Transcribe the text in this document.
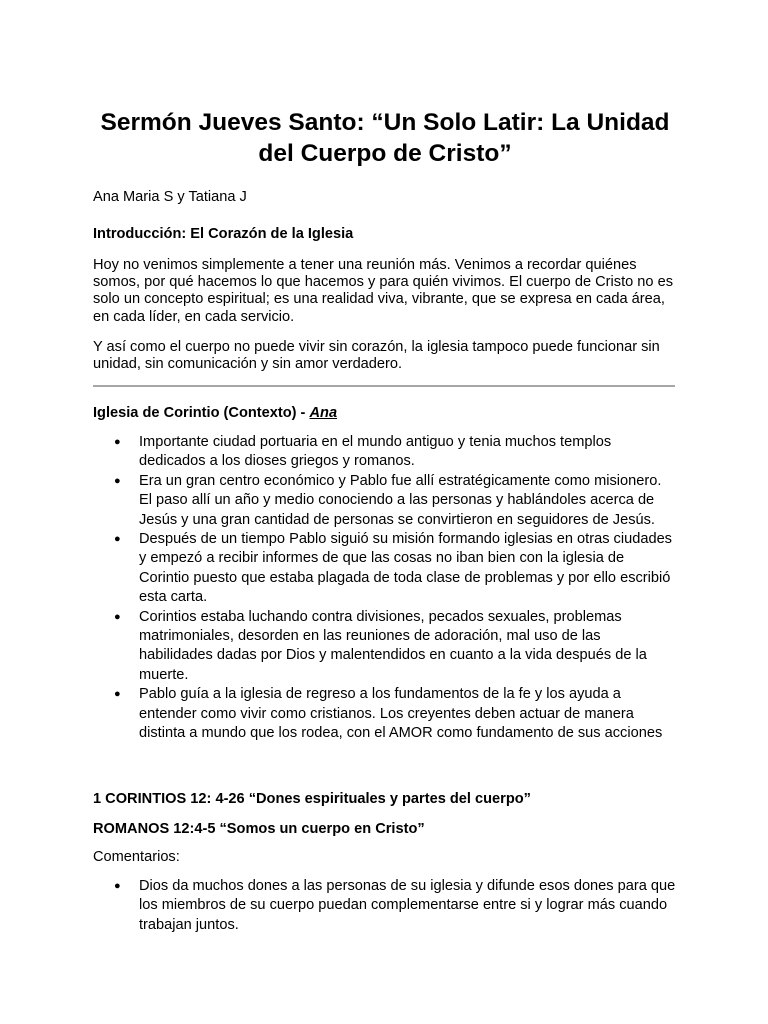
Sermón Jueves Santo: “Un Solo Latir: La Unidad del Cuerpo de Cristo”

Ana Maria S y Tatiana J

Introducción: El Corazón de la Iglesia

Hoy no venimos simplemente a tener una reunión más. Venimos a recordar quiénes somos, por qué hacemos lo que hacemos y para quién vivimos. El cuerpo de Cristo no es solo un concepto espiritual; es una realidad viva, vibrante, que se expresa en cada área, en cada líder, en cada servicio.

Y así como el cuerpo no puede vivir sin corazón, la iglesia tampoco puede funcionar sin unidad, sin comunicación y sin amor verdadero.

Iglesia de Corintio (Contexto) - Ana

● Importante ciudad portuaria en el mundo antiguo y tenia muchos templos dedicados a los dioses griegos y romanos.
● Era un gran centro económico y Pablo fue allí estratégicamente como misionero. El paso allí un año y medio conociendo a las personas y hablándoles acerca de Jesús y una gran cantidad de personas se convirtieron en seguidores de Jesús.
● Después de un tiempo Pablo siguió su misión formando iglesias en otras ciudades y empezó a recibir informes de que las cosas no iban bien con la iglesia de Corintio puesto que estaba plagada de toda clase de problemas y por ello escribió esta carta.
● Corintios estaba luchando contra divisiones, pecados sexuales, problemas matrimoniales, desorden en las reuniones de adoración, mal uso de las habilidades dadas por Dios y malentendidos en cuanto a la vida después de la muerte.
● Pablo guía a la iglesia de regreso a los fundamentos de la fe y los ayuda a entender como vivir como cristianos. Los creyentes deben actuar de manera distinta a mundo que los rodea, con el AMOR como fundamento de sus acciones

1 CORINTIOS 12: 4-26 “Dones espirituales y partes del cuerpo”

ROMANOS 12:4-5 “Somos un cuerpo en Cristo”

Comentarios:

● Dios da muchos dones a las personas de su iglesia y difunde esos dones para que los miembros de su cuerpo puedan complementarse entre si y lograr más cuando trabajan juntos.
